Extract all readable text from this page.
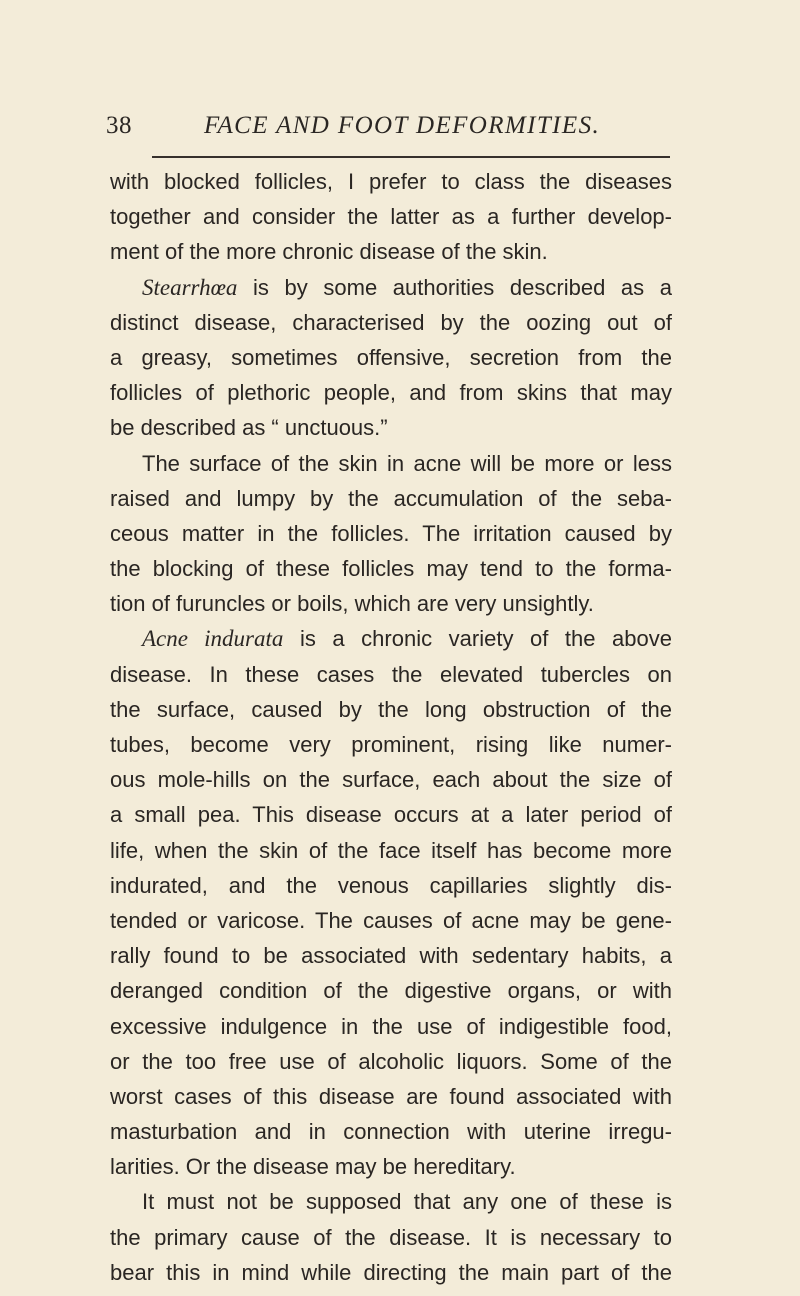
38	FACE AND FOOT DEFORMITIES.
with blocked follicles, I prefer to class the diseases
together and consider the latter as a further develop-
ment of the more chronic disease of the skin.
Stearrhœa is by some authorities described as a
distinct disease, characterised by the oozing out of
a greasy, sometimes offensive, secretion from the
follicles of plethoric people, and from skins that may
be described as “ unctuous.”
The surface of the skin in acne will be more or less
raised and lumpy by the accumulation of the seba-
ceous matter in the follicles. The irritation caused by
the blocking of these follicles may tend to the forma-
tion of furuncles or boils, which are very unsightly.
Acne indurata is a chronic variety of the above
disease. In these cases the elevated tubercles on
the surface, caused by the long obstruction of the
tubes, become very prominent, rising like numer-
ous mole-hills on the surface, each about the size of
a small pea. This disease occurs at a later period of
life, when the skin of the face itself has become more
indurated, and the venous capillaries slightly dis-
tended or varicose. The causes of acne may be gene-
rally found to be associated with sedentary habits, a
deranged condition of the digestive organs, or with
excessive indulgence in the use of indigestible food,
or the too free use of alcoholic liquors. Some of the
worst cases of this disease are found associated with
masturbation and in connection with uterine irregu-
larities. Or the disease may be hereditary.
It must not be supposed that any one of these is
the primary cause of the disease. It is necessary to
bear this in mind while directing the main part of the
